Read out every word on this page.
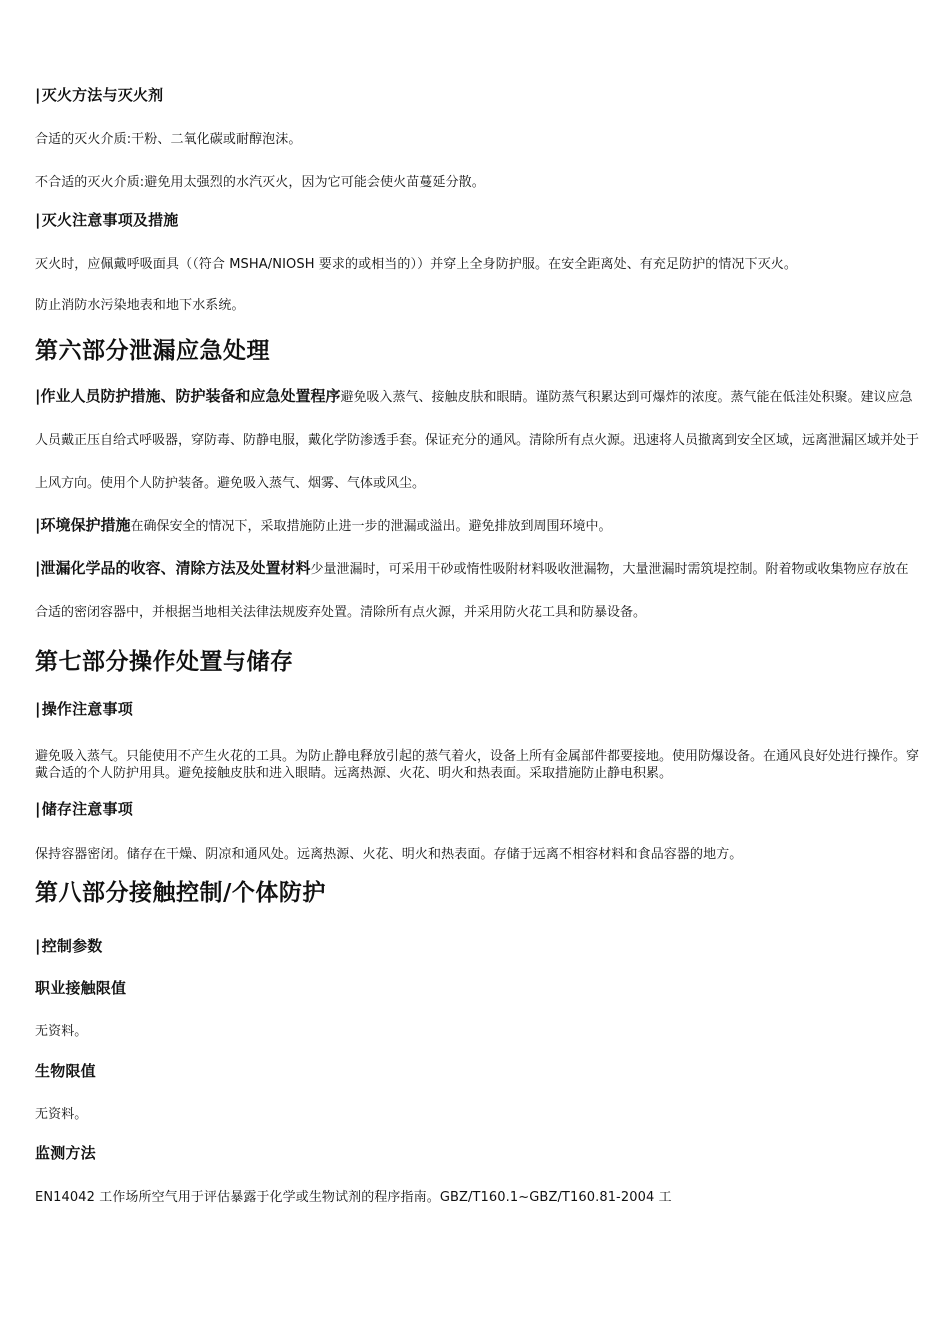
|灭火方法与灭火剂
合适的灭火介质:干粉、二氧化碳或耐醇泡沫。
不合适的灭火介质:避免用太强烈的水汽灭火，因为它可能会使火苗蔓延分散。
|灭火注意事项及措施
灭火时，应佩戴呼吸面具（（符合 MSHA/NIOSH 要求的或相当的））并穿上全身防护服。在安全距离处、有充足防护的情况下灭火。
防止消防水污染地表和地下水系统。
第六部分泄漏应急处理
|作业人员防护措施、防护装备和应急处置程序避免吸入蒸气、接触皮肤和眼睛。谨防蒸气积累达到可爆炸的浓度。蒸气能在低洼处积聚。建议应急人员戴正压自给式呼吸器，穿防毒、防静电服，戴化学防渗透手套。保证充分的通风。清除所有点火源。迅速将人员撤离到安全区域，远离泄漏区域并处于上风方向。使用个人防护装备。避免吸入蒸气、烟雾、气体或风尘。
|环境保护措施在确保安全的情况下，采取措施防止进一步的泄漏或溢出。避免排放到周围环境中。
|泄漏化学品的收容、清除方法及处置材料少量泄漏时，可采用干砂或惰性吸附材料吸收泄漏物，大量泄漏时需筑堤控制。附着物或收集物应存放在合适的密闭容器中，并根据当地相关法律法规废弃处置。清除所有点火源，并采用防火花工具和防暴设备。
第七部分操作处置与储存
|操作注意事项
避免吸入蒸气。只能使用不产生火花的工具。为防止静电释放引起的蒸气着火，设备上所有金属部件都要接地。使用防爆设备。在通风良好处进行操作。穿戴合适的个人防护用具。避免接触皮肤和进入眼睛。远离热源、火花、明火和热表面。采取措施防止静电积累。
|储存注意事项
保持容器密闭。储存在干燥、阴凉和通风处。远离热源、火花、明火和热表面。存储于远离不相容材料和食品容器的地方。
第八部分接触控制/个体防护
|控制参数
职业接触限值
无资料。
生物限值
无资料。
监测方法
EN14042 工作场所空气用于评估暴露于化学或生物试剂的程序指南。GBZ/T160.1~GBZ/T160.81-2004 工
